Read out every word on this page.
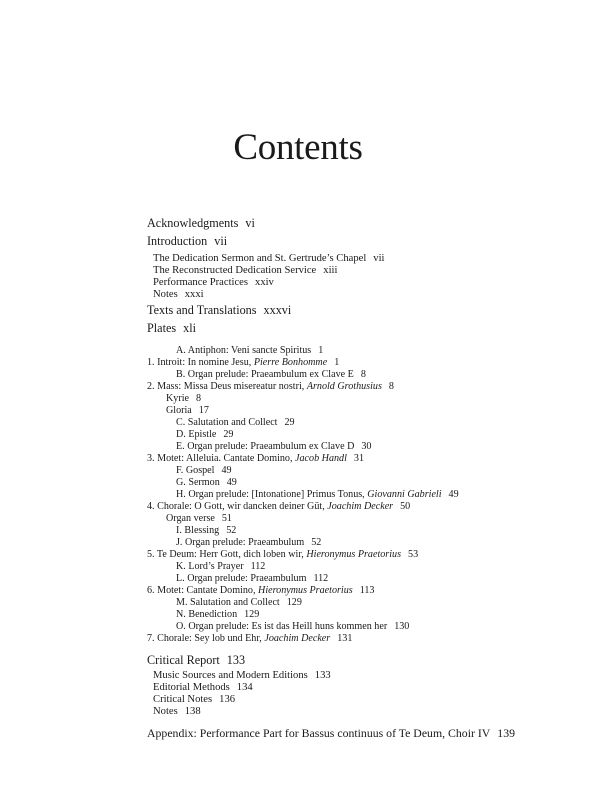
Contents
Acknowledgments vi
Introduction vii
The Dedication Sermon and St. Gertrude’s Chapel vii
The Reconstructed Dedication Service xiii
Performance Practices xxiv
Notes xxxi
Texts and Translations xxxvi
Plates xli
A. Antiphon: Veni sancte Spiritus 1
1. Introit: In nomine Jesu, Pierre Bonhomme 1
B. Organ prelude: Praeambulum ex Clave E 8
2. Mass: Missa Deus misereatur nostri, Arnold Grothusius 8
Kyrie 8
Gloria 17
C. Salutation and Collect 29
D. Epistle 29
E. Organ prelude: Praeambulum ex Clave D 30
3. Motet: Alleluia. Cantate Domino, Jacob Handl 31
F. Gospel 49
G. Sermon 49
H. Organ prelude: [Intonatione] Primus Tonus, Giovanni Gabrieli 49
4. Chorale: O Gott, wir dancken deiner Güt, Joachim Decker 50
Organ verse 51
I. Blessing 52
J. Organ prelude: Praeambulum 52
5. Te Deum: Herr Gott, dich loben wir, Hieronymus Praetorius 53
K. Lord’s Prayer 112
L. Organ prelude: Praeambulum 112
6. Motet: Cantate Domino, Hieronymus Praetorius 113
M. Salutation and Collect 129
N. Benediction 129
O. Organ prelude: Es ist das Heill huns kommen her 130
7. Chorale: Sey lob und Ehr, Joachim Decker 131
Critical Report 133
Music Sources and Modern Editions 133
Editorial Methods 134
Critical Notes 136
Notes 138
Appendix: Performance Part for Bassus continuus of Te Deum, Choir IV 139
